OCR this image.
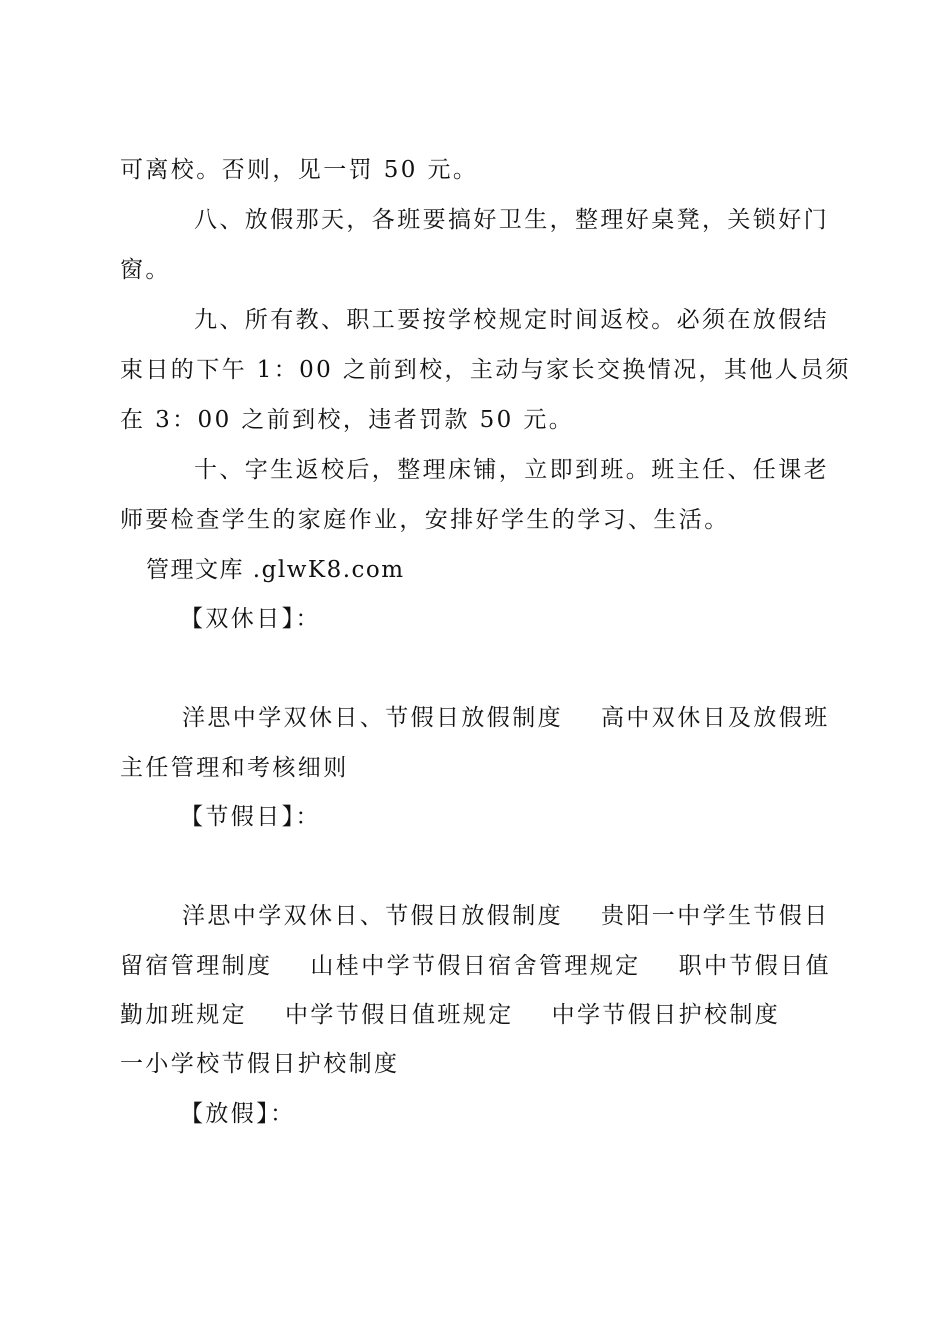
可离校。否则，见一罚 50 元。
八、放假那天，各班要搞好卫生，整理好桌凳，关锁好门
窗。
九、所有教、职工要按学校规定时间返校。必须在放假结
束日的下午 1：00 之前到校，主动与家长交换情况，其他人员须
在 3：00 之前到校，违者罚款 50 元。
十、字生返校后，整理床铺，立即到班。班主任、任课老
师要检查学生的家庭作业，安排好学生的学习、生活。
管理文库 .glwK8.com
【双休日】：
洋思中学双休日、节假日放假制度 高中双休日及放假班
主任管理和考核细则
【节假日】：
洋思中学双休日、节假日放假制度 贵阳一中学生节假日
留宿管理制度 山桂中学节假日宿舍管理规定 职中节假日值
勤加班规定 中学节假日值班规定 中学节假日护校制度
一小学校节假日护校制度
【放假】：
